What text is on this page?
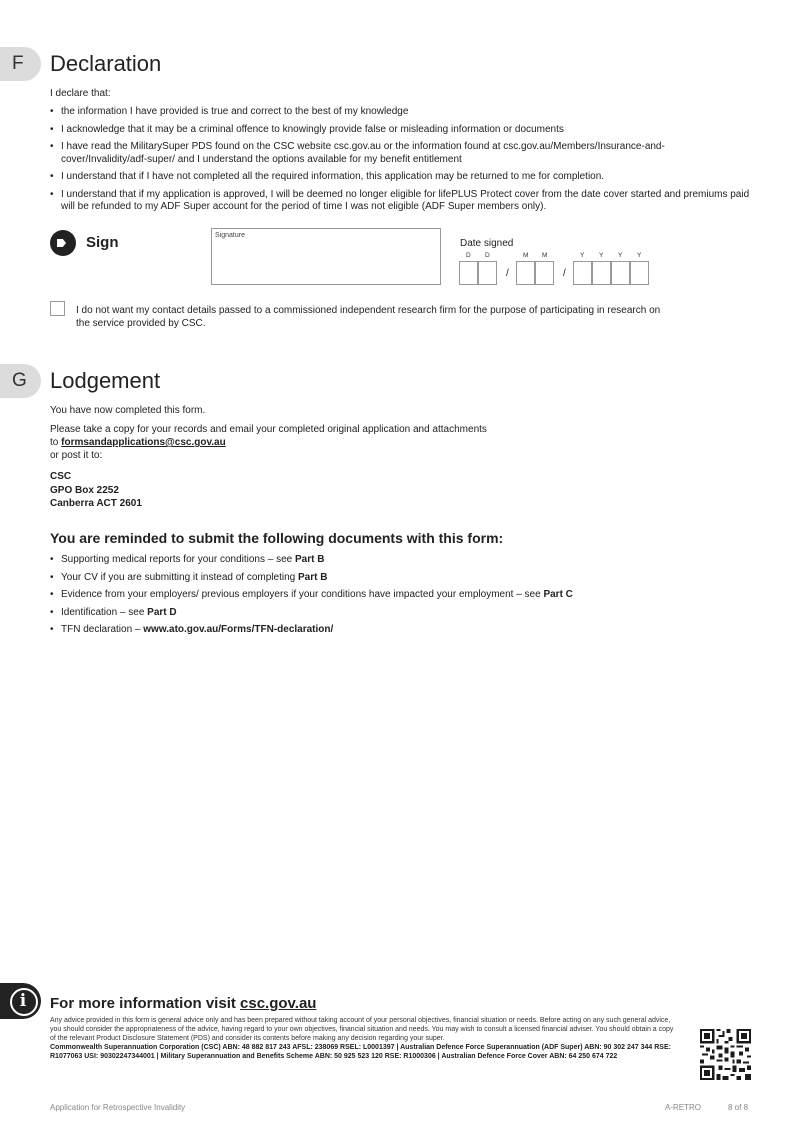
F	Declaration
I declare that:
• the information I have provided is true and correct to the best of my knowledge
• I acknowledge that it may be a criminal offence to knowingly provide false or misleading information or documents
• I have read the MilitarySuper PDS found on the CSC website csc.gov.au or the information found at csc.gov.au/Members/Insurance-and-cover/Invalidity/adf-super/ and I understand the options available for my benefit entitlement
• I understand that if I have not completed all the required information, this application may be returned to me for completion.
• I understand that if my application is approved, I will be deemed no longer eligible for lifePLUS Protect cover from the date cover started and premiums paid will be refunded to my ADF Super account for the period of time I was not eligible (ADF Super members only).
Sign	Signature
Date signed
D D	M M	Y Y Y Y
/	/
I do not want my contact details passed to a commissioned independent research firm for the purpose of participating in research on the service provided by CSC.
G	Lodgement
You have now completed this form.
Please take a copy for your records and email your completed original application and attachments
to formsandapplications@csc.gov.au
or post it to:
CSC
GPO Box 2252
Canberra ACT 2601
You are reminded to submit the following documents with this form:
• Supporting medical reports for your conditions – see Part B
• Your CV if you are submitting it instead of completing Part B
• Evidence from your employers/ previous employers if your conditions have impacted your employment – see Part C
• Identification – see Part D
• TFN declaration – www.ato.gov.au/Forms/TFN-declaration/
i
For more information visit csc.gov.au
Any advice provided in this form is general advice only and has been prepared without taking account of your personal objectives, financial situation or needs. Before acting on any such general advice, you should consider the appropriateness of the advice, having regard to your own objectives, financial situation and needs. You may wish to consult a licensed financial adviser. You should obtain a copy of the relevant Product Disclosure Statement (PDS) and consider its contents before making any decision regarding your super.
Commonwealth Superannuation Corporation (CSC) ABN: 48 882 817 243 AFSL: 238069 RSEL: L0001397 | Australian Defence Force Superannuation (ADF Super) ABN: 90 302 247 344 RSE: R1077063 USI: 90302247344001 | Military Superannuation and Benefits Scheme ABN: 50 925 523 120 RSE: R1000306 | Australian Defence Force Cover ABN: 64 250 674 722
Application for Retrospective Invalidity	A-RETRO	8 of 8
